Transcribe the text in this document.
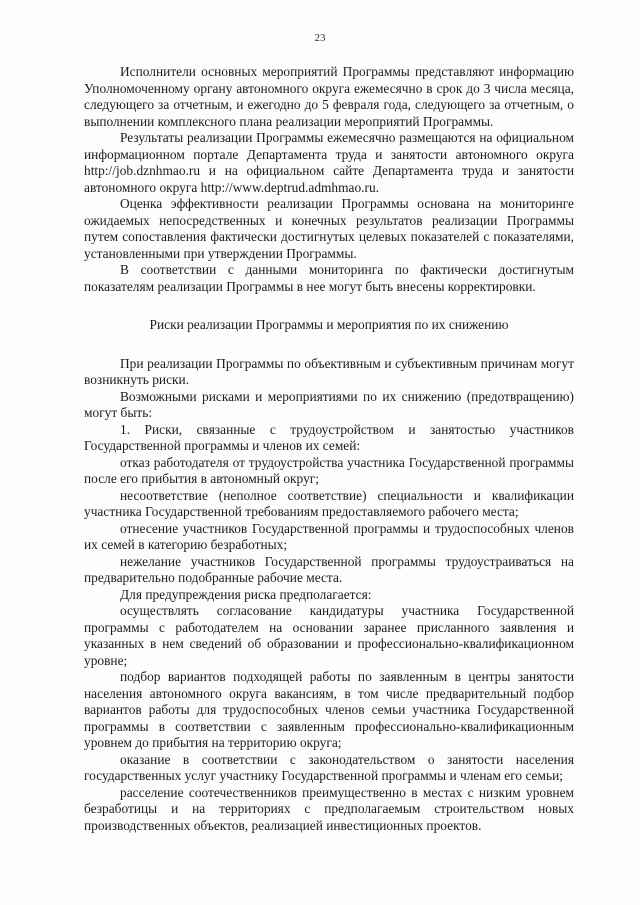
23

Исполнители основных мероприятий Программы представляют информацию Уполномоченному органу автономного округа ежемесячно в срок до 3 числа месяца, следующего за отчетным, и ежегодно до 5 февраля года, следующего за отчетным, о выполнении комплексного плана реализации мероприятий Программы.

Результаты реализации Программы ежемесячно размещаются на официальном информационном портале Департамента труда и занятости автономного округа http://job.dznhmao.ru и на официальном сайте Департамента труда и занятости автономного округа http://www.deptrud.admhmao.ru.

Оценка эффективности реализации Программы основана на мониторинге ожидаемых непосредственных и конечных результатов реализации Программы путем сопоставления фактически достигнутых целевых показателей с показателями, установленными при утверждении Программы.

В соответствии с данными мониторинга по фактически достигнутым показателям реализации Программы в нее могут быть внесены корректировки.

Риски реализации Программы и мероприятия по их снижению

При реализации Программы по объективным и субъективным причинам могут возникнуть риски.

Возможными рисками и мероприятиями по их снижению (предотвращению) могут быть:

1. Риски, связанные с трудоустройством и занятостью участников Государственной программы и членов их семей:

отказ работодателя от трудоустройства участника Государственной программы после его прибытия в автономный округ;

несоответствие (неполное соответствие) специальности и квалификации участника Государственной требованиям предоставляемого рабочего места;

отнесение участников Государственной программы и трудоспособных членов их семей в категорию безработных;

нежелание участников Государственной программы трудоустраиваться на предварительно подобранные рабочие места.

Для предупреждения риска предполагается:

осуществлять согласование кандидатуры участника Государственной программы с работодателем на основании заранее присланного заявления и указанных в нем сведений об образовании и профессионально-квалификационном уровне;

подбор вариантов подходящей работы по заявленным в центры занятости населения автономного округа вакансиям, в том числе предварительный подбор вариантов работы для трудоспособных членов семьи участника Государственной программы в соответствии с заявленным профессионально-квалификационным уровнем до прибытия на территорию округа;

оказание в соответствии с законодательством о занятости населения государственных услуг участнику Государственной программы и членам его семьи;

расселение соотечественников преимущественно в местах с низким уровнем безработицы и на территориях с предполагаемым строительством новых производственных объектов, реализацией инвестиционных проектов.
